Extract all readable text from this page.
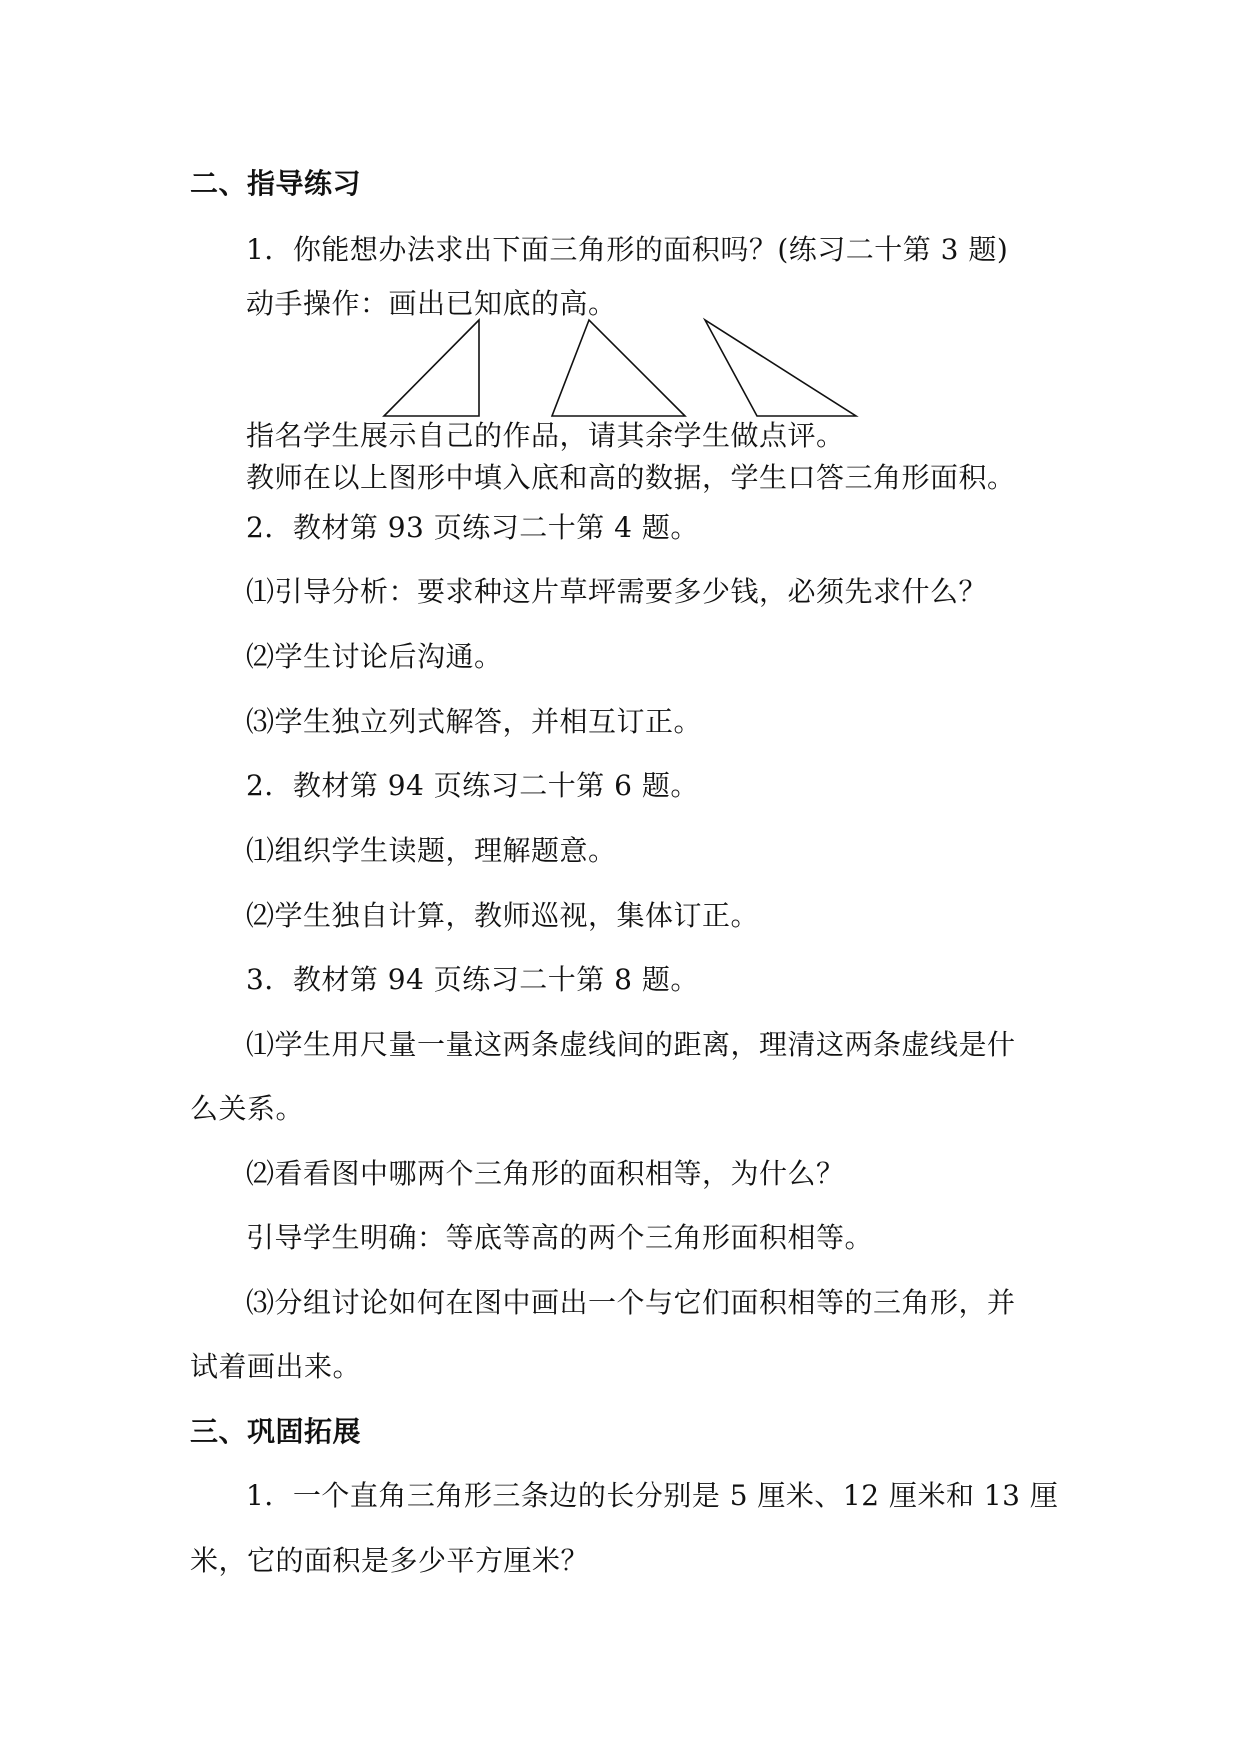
二、指导练习
1．你能想办法求出下面三角形的面积吗？(练习二十第 3 题)
动手操作：画出已知底的高。
指名学生展示自己的作品，请其余学生做点评。
教师在以上图形中填入底和高的数据，学生口答三角形面积。
2．教材第 93 页练习二十第 4 题。
⑴引导分析：要求种这片草坪需要多少钱，必须先求什么？
⑵学生讨论后沟通。
⑶学生独立列式解答，并相互订正。
2．教材第 94 页练习二十第 6 题。
⑴组织学生读题，理解题意。
⑵学生独自计算，教师巡视，集体订正。
3．教材第 94 页练习二十第 8 题。
⑴学生用尺量一量这两条虚线间的距离，理清这两条虚线是什
么关系。
⑵看看图中哪两个三角形的面积相等，为什么？
引导学生明确：等底等高的两个三角形面积相等。
⑶分组讨论如何在图中画出一个与它们面积相等的三角形，并
试着画出来。
三、巩固拓展
1．一个直角三角形三条边的长分别是 5 厘米、12 厘米和 13 厘
米，它的面积是多少平方厘米？
